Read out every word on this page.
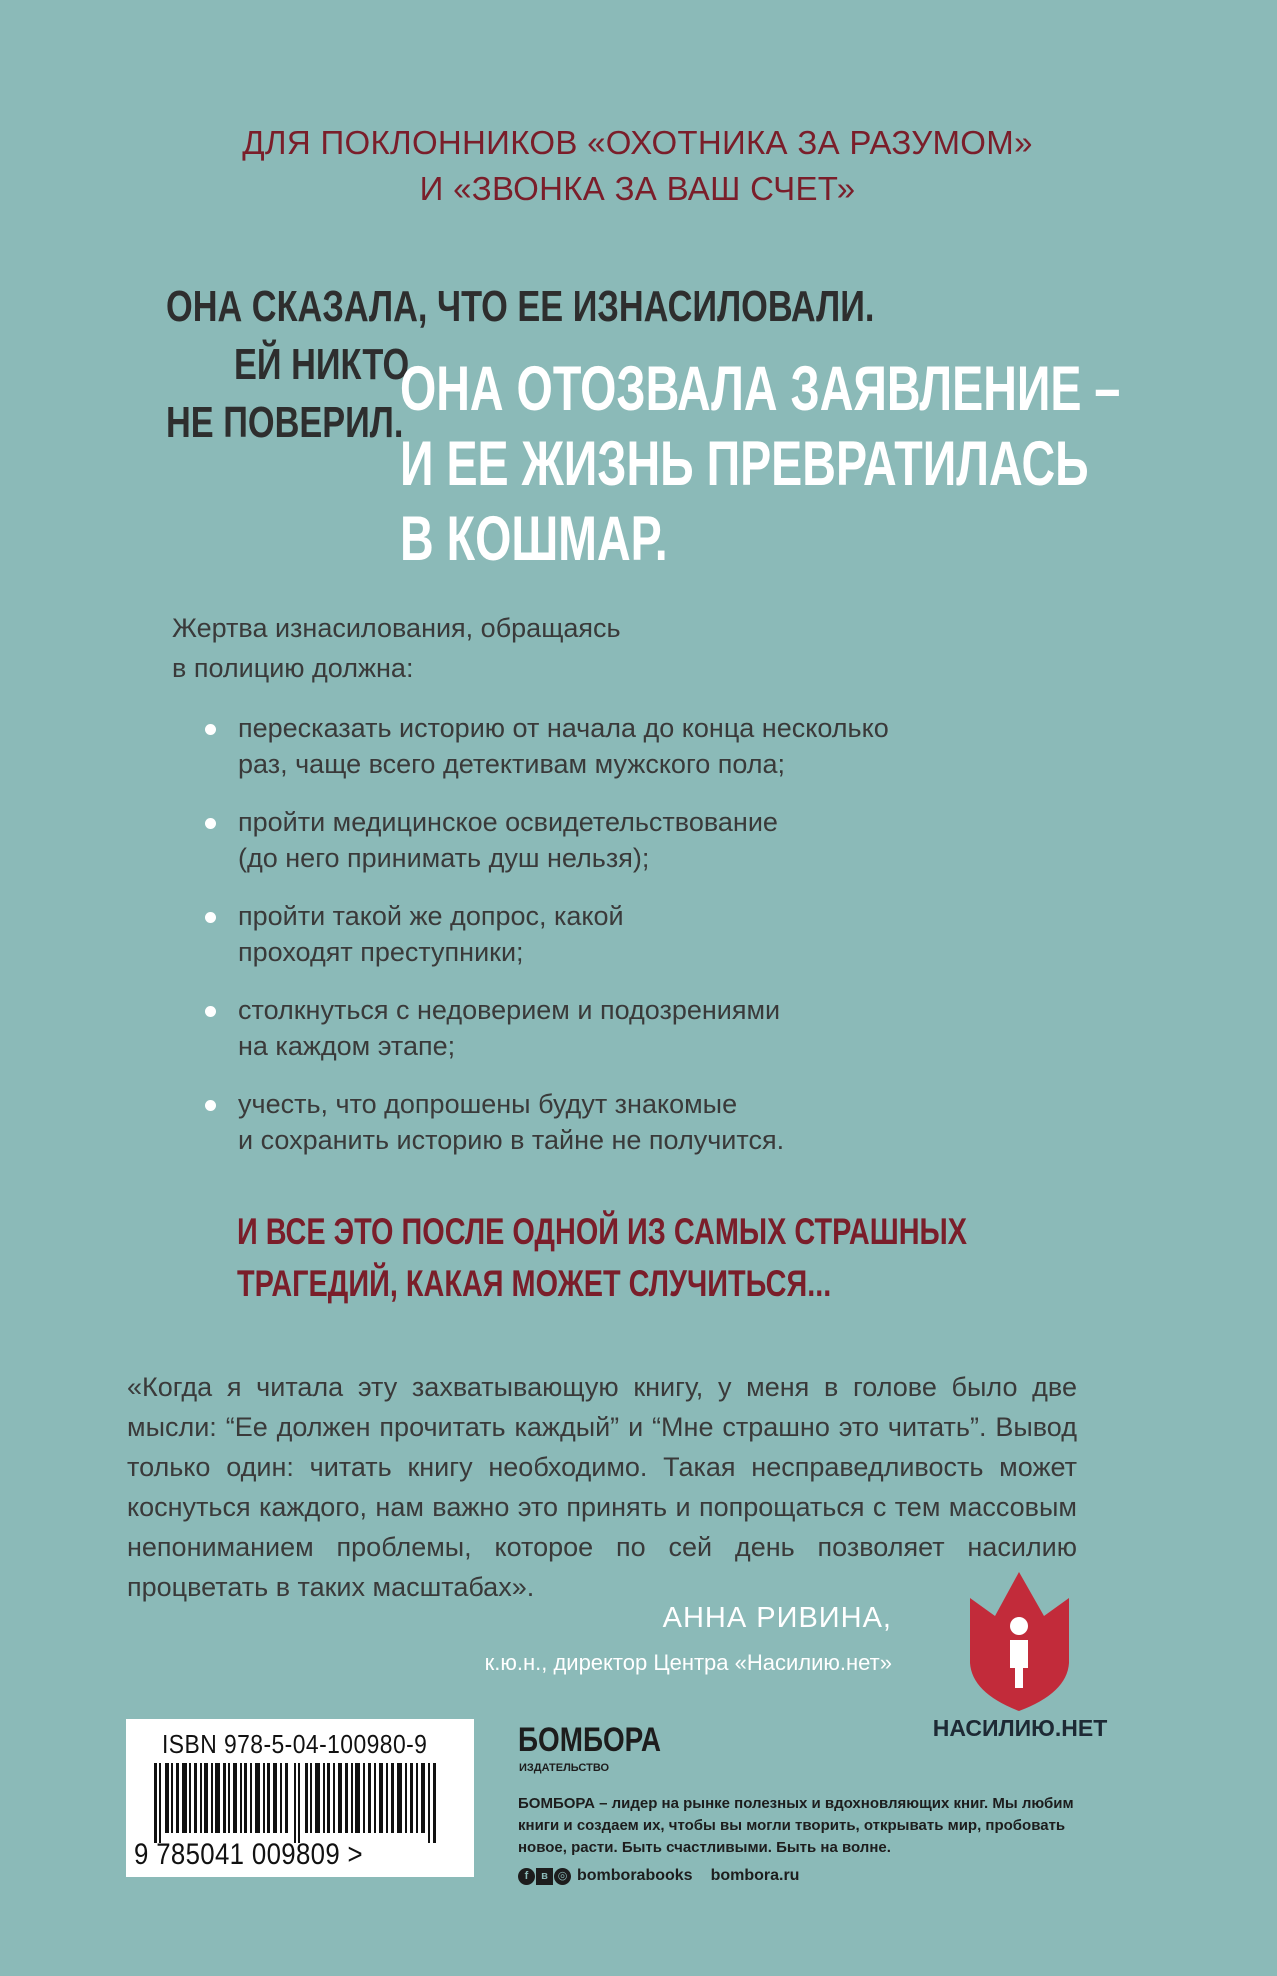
ДЛЯ ПОКЛОННИКОВ «ОХОТНИКА ЗА РАЗУМОМ»
И «ЗВОНКА ЗА ВАШ СЧЕТ»
ОНА СКАЗАЛА, ЧТО ЕЕ ИЗНАСИЛОВАЛИ.
ЕЙ НИКТО
НЕ ПОВЕРИЛ.
ОНА ОТОЗВАЛА ЗАЯВЛЕНИЕ –
И ЕЕ ЖИЗНЬ ПРЕВРАТИЛАСЬ
В КОШМАР.
Жертва изнасилования, обращаясь
в полицию должна:
пересказать историю от начала до конца несколько
раз, чаще всего детективам мужского пола;
пройти медицинское освидетельствование
(до него принимать душ нельзя);
пройти такой же допрос, какой
проходят преступники;
столкнуться с недоверием и подозрениями
на каждом этапе;
учесть, что допрошены будут знакомые
и сохранить историю в тайне не получится.
И ВСЕ ЭТО ПОСЛЕ ОДНОЙ ИЗ САМЫХ СТРАШНЫХ
ТРАГЕДИЙ, КАКАЯ МОЖЕТ СЛУЧИТЬСЯ...
«Когда я читала эту захватывающую книгу, у меня в голове было две мысли: “Ее должен прочитать каждый” и “Мне страшно это читать”. Вывод только один: читать книгу необходимо. Такая несправедливость может коснуться каждого, нам важно это принять и попрощаться с тем массовым непониманием проблемы, которое по сей день позволяет насилию процветать в таких масштабах».
АННА РИВИНА,
к.ю.н., директор Центра «Насилию.нет»
НАСИЛИЮ.НЕТ
ISBN 978-5-04-100980-9
9 785041 009809 >
БОМБОРА
ИЗДАТЕЛЬСТВО
БОМБОРА – лидер на рынке полезных и вдохновляющих книг. Мы любим книги и создаем их, чтобы вы могли творить, открывать мир, пробовать новое, расти. Быть счастливыми. Быть на волне.
f	в ◎ bomborabooks bombora.ru
